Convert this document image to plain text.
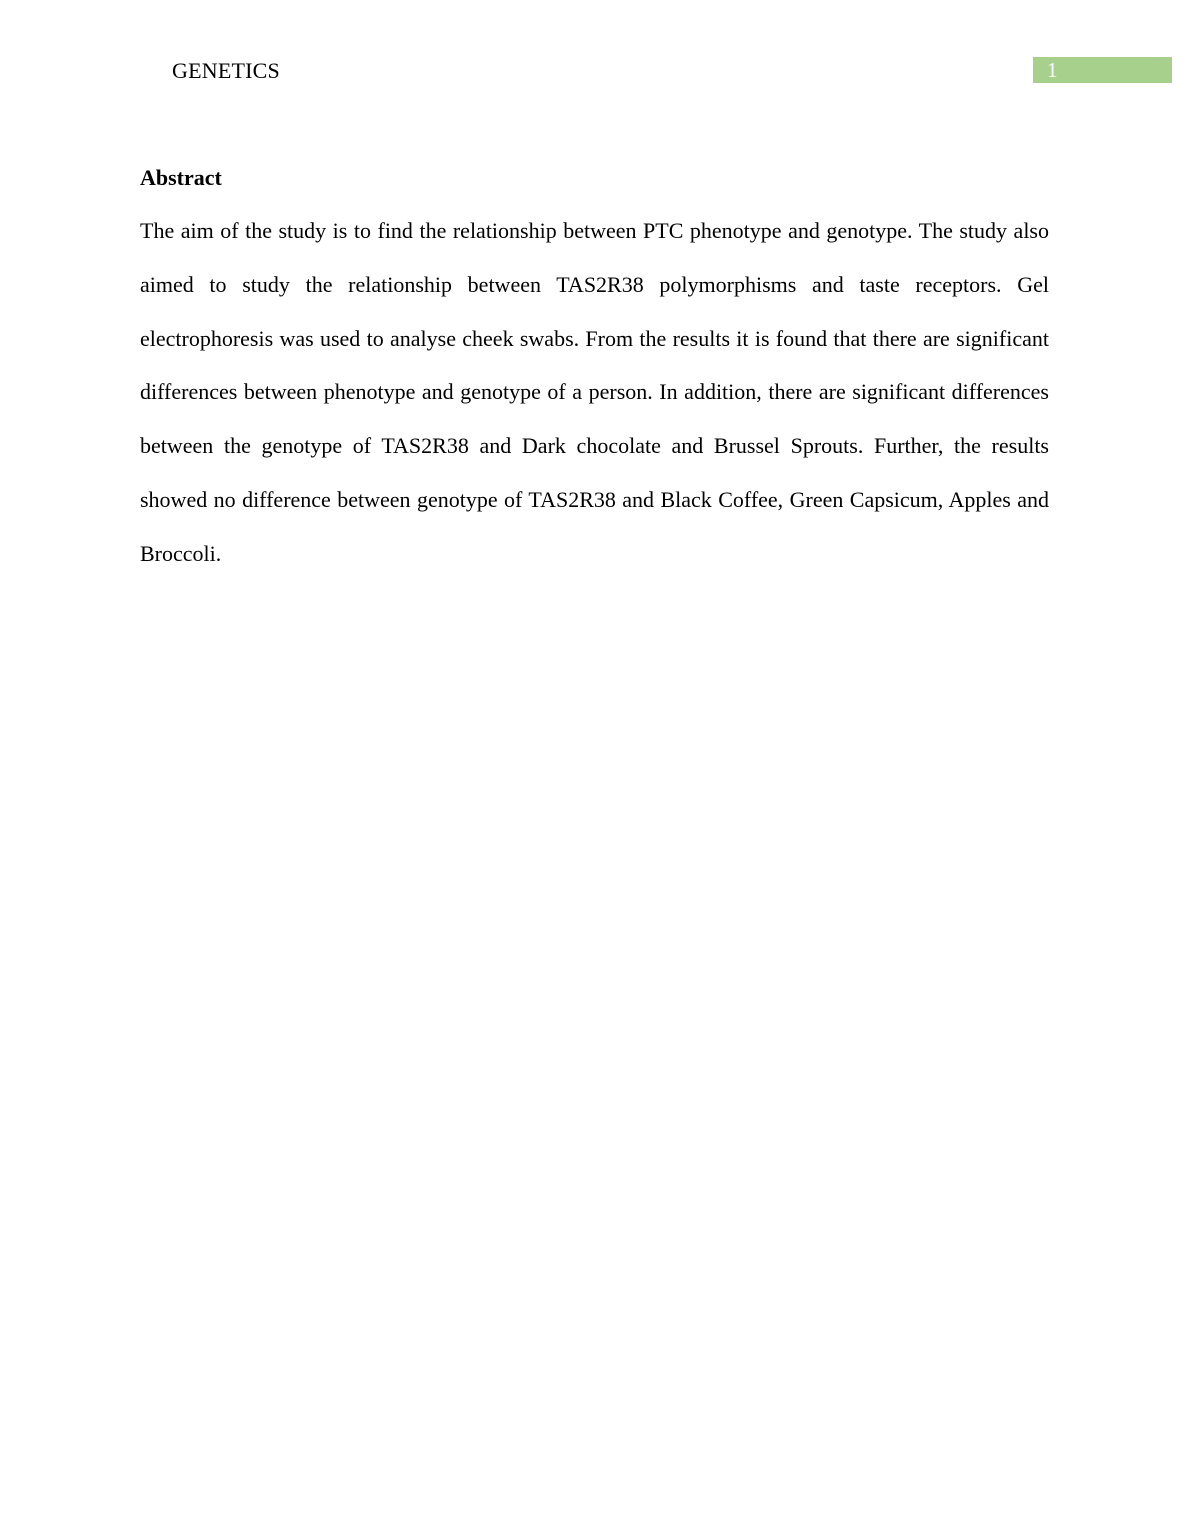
GENETICS	1
Abstract

The aim of the study is to find the relationship between PTC phenotype and genotype. The study also aimed to study the relationship between TAS2R38 polymorphisms and taste receptors. Gel electrophoresis was used to analyse cheek swabs. From the results it is found that there are significant differences between phenotype and genotype of a person. In addition, there are significant differences between the genotype of TAS2R38 and Dark chocolate and Brussel Sprouts. Further, the results showed no difference between genotype of TAS2R38 and Black Coffee, Green Capsicum, Apples and Broccoli.
